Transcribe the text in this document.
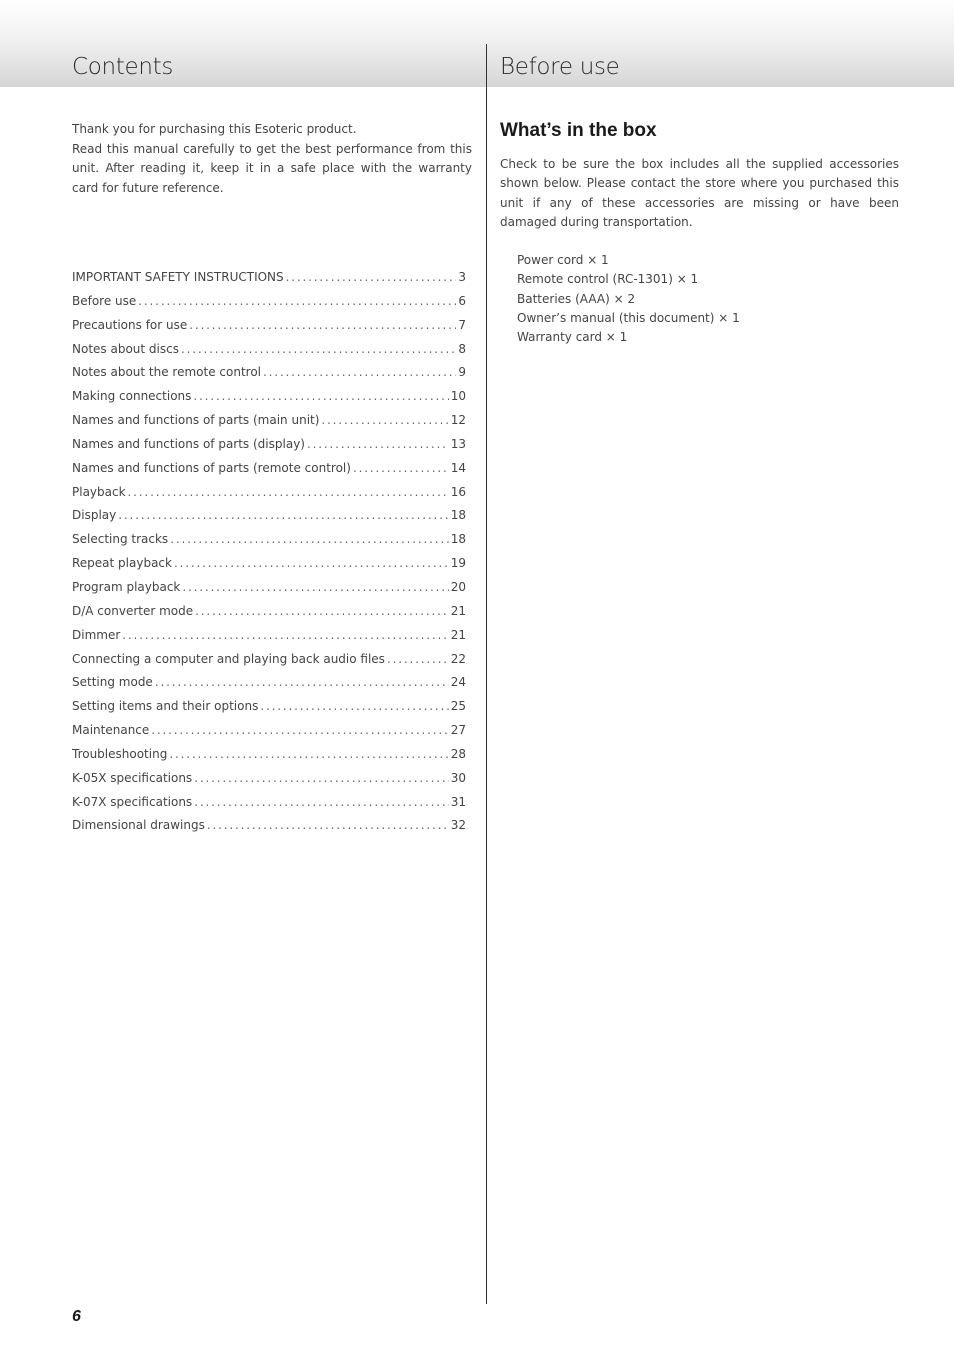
Contents	Before use

Thank you for purchasing this Esoteric product.

Read this manual carefully to get the best performance from this unit. After reading it, keep it in a safe place with the warranty card for future reference.

IMPORTANT SAFETY INSTRUCTIONS . . .	3
Before use . . .	6
Precautions for use . . .	7
Notes about discs . . .	8
Notes about the remote control . . .	9
Making connections . . .	10
Names and functions of parts (main unit) . . .	12
Names and functions of parts (display) . . .	13
Names and functions of parts (remote control) . . .	14
Playback . . .	16
Display . . .	18
Selecting tracks . . .	18
Repeat playback . . .	19
Program playback . . .	20
D/A converter mode . . .	21
Dimmer . . .	21
Connecting a computer and playing back audio files . . .	22
Setting mode . . .	24
Setting items and their options . . .	25
Maintenance . . .	27
Troubleshooting . . .	28
K-05X specifications . . .	30
K-07X specifications . . .	31
Dimensional drawings . . .	32
What’s in the box

Check to be sure the box includes all the supplied accessories shown below. Please contact the store where you purchased this unit if any of these accessories are missing or have been damaged during transportation.

Power cord × 1
Remote control (RC-1301) × 1
Batteries (AAA) × 2
Owner’s manual (this document) × 1
Warranty card × 1
6
